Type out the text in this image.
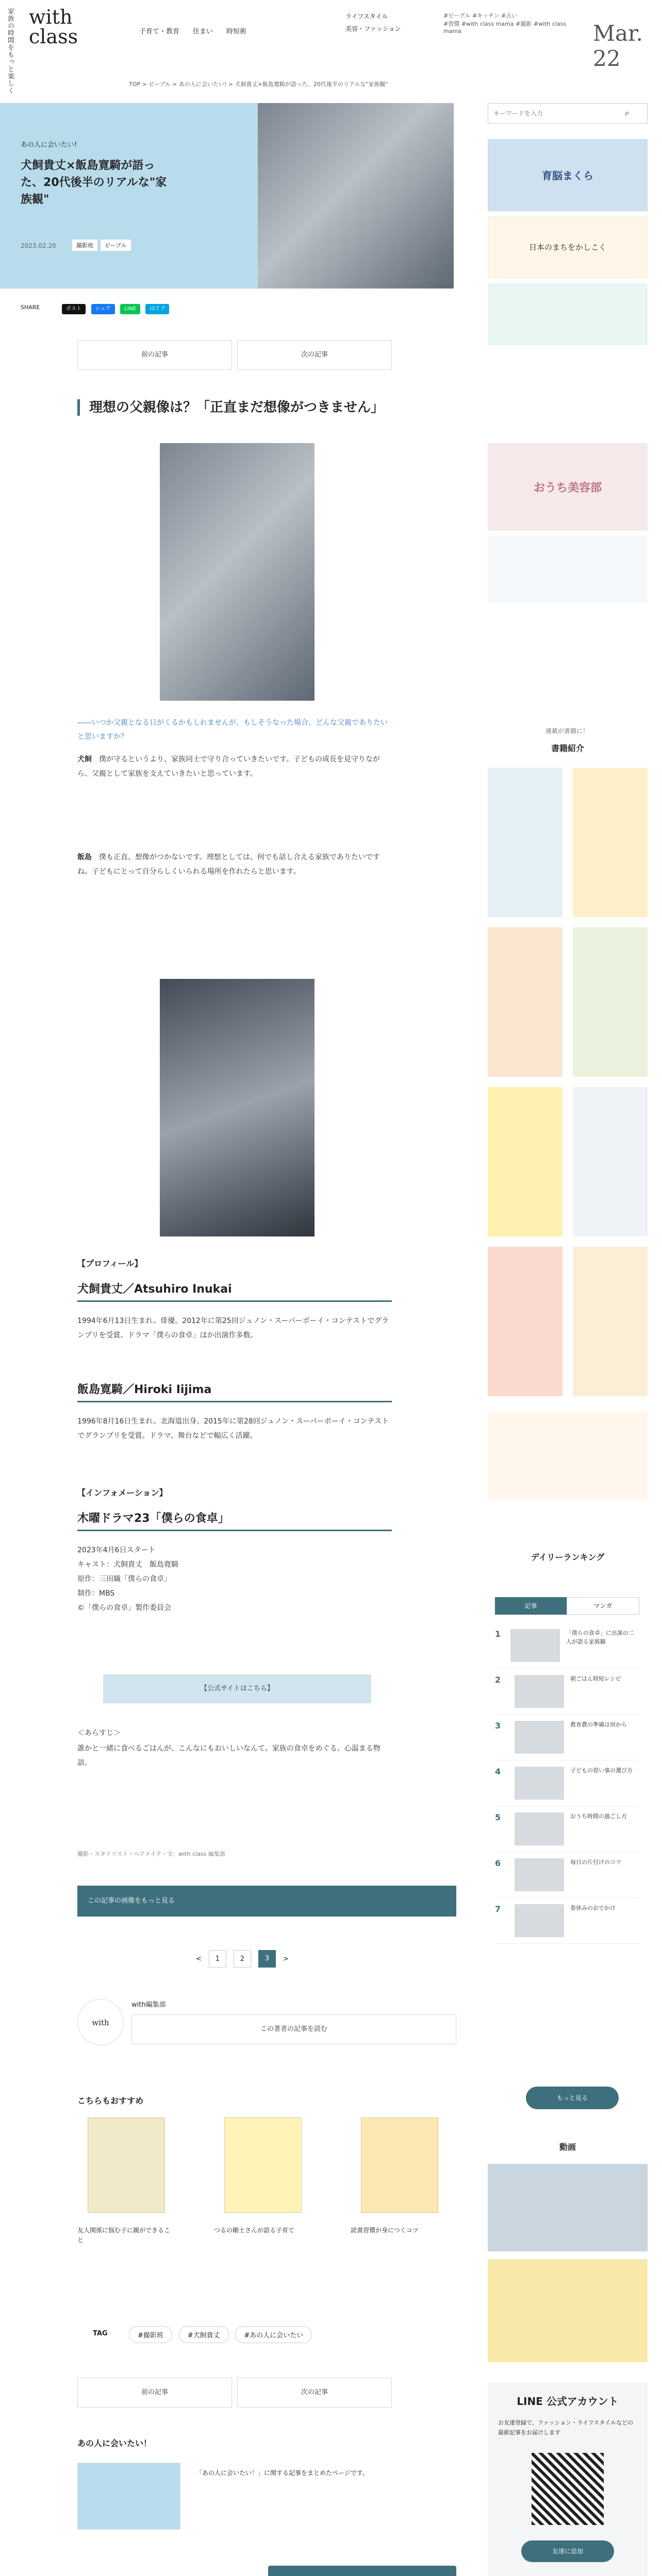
家族の時間をもっと楽しく with class	子育て・教育 住まい 時短術
ライフスタイル
美容・ファッション
#ビーグル #キッチン #占い
#習慣 #with class mama #撮影 #with class mama	Mar. 22
TOP > ピープル > あの人に会いたい! > 犬飼貴丈×飯島寛騎が語った、20代後半のリアルな"家族観"
あの人に会いたい!
犬飼貴丈×飯島寛騎が語った、20代後半のリアルな"家族観"
2023.02.20	撮影班	ピープル
SHARE	ポスト	シェア	LINE	はてブ
前の記事	次の記事
理想の父親像は？「正直まだ想像がつきません」
――いつか父親となる日がくるかもしれませんが、もしそうなった場合、どんな父親でありたいと思いますか？
犬飼　 僕が守るというより、家族同士で守り合っていきたいです。子どもの成長を見守りながら、父親として家族を支えていきたいと思っています。
飯島　 僕も正直、想像がつかないです。理想としては、何でも話し合える家族でありたいですね。子どもにとって自分らしくいられる場所を作れたらと思います。
【プロフィール】
犬飼貴丈／Atsuhiro Inukai
1994年6月13日生まれ。俳優。2012年に第25回ジュノン・スーパーボーイ・コンテストでグランプリを受賞。ドラマ「僕らの食卓」ほか出演作多数。
飯島寛騎／Hiroki Iijima
1996年8月16日生まれ。北海道出身。2015年に第28回ジュノン・スーパーボーイ・コンテストでグランプリを受賞。ドラマ、舞台などで幅広く活躍。
【インフォメーション】
木曜ドラマ23「僕らの食卓」
2023年4月6日スタート
キャスト：犬飼貴丈　飯島寛騎
原作：三田織「僕らの食卓」
制作：MBS
©「僕らの食卓」製作委員会
【公式サイトはこちら】
＜あらすじ＞
誰かと一緒に食べるごはんが、こんなにもおいしいなんて。家族の食卓をめぐる、心温まる物語。
撮影・スタイリスト・ヘアメイク・文：with class 編集部
この記事の画像をもっと見る
<	1	2	3	>
with
with編集部
この著者の記事を読む
こちらもおすすめ
友人関係に悩む子に親ができること
つるの剛士さんが語る子育て	読書習慣が身につくコツ
TAG	#撮影班	#犬飼貴丈	#あの人に会いたい
前の記事	次の記事
あの人に会いたい！
「あの人に会いたい！」に関する記事をまとめたページです。
キーワードを入力 ⌕
育脳まくら
日本のまちをかしこく
おうち美容部
連載が書籍に！
書籍紹介
デイリーランキング
記事	マンガ
1	「僕らの食卓」に出演の二人が語る家族観
2	朝ごはん時短レシピ
3	教育費の準備は何から
4	子どもの習い事の選び方
5	おうち時間の過ごし方
6	毎日の片付けのコツ
7	春休みのおでかけ
もっと見る
動画
LINE 公式アカウント
お友達登録で、ファッション・ライフスタイルなどの最新記事をお届けします
友達に追加
